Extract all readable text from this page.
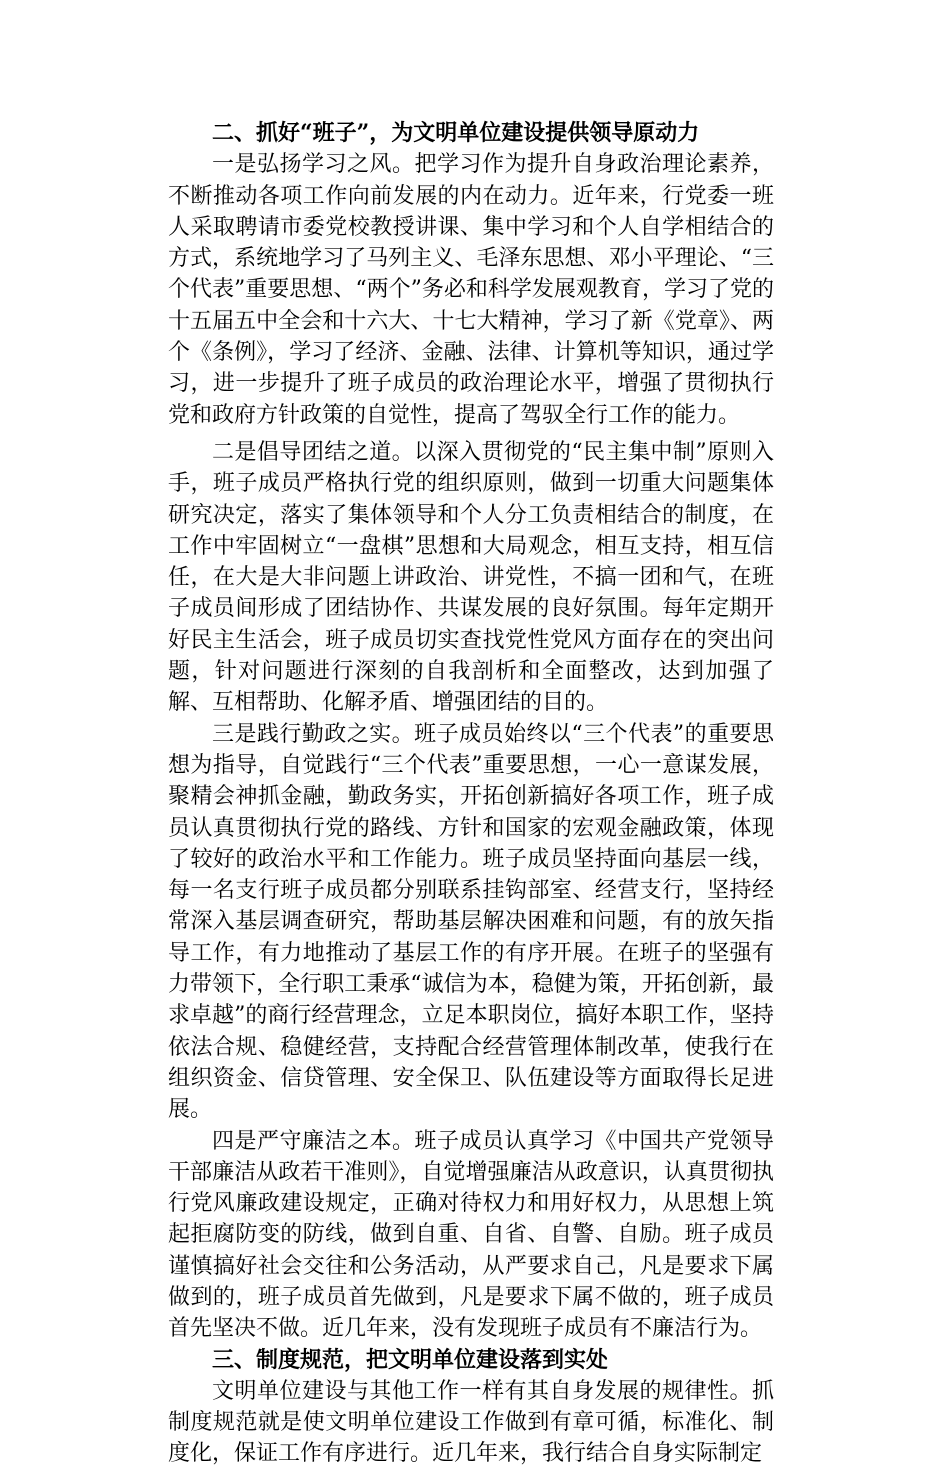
二、抓好“班子”，为文明单位建设提供领导原动力

一是弘扬学习之风。把学习作为提升自身政治理论素养，不断推动各项工作向前发展的内在动力。近年来，行党委一班人采取聘请市委党校教授讲课、集中学习和个人自学相结合的方式，系统地学习了马列主义、毛泽东思想、邓小平理论、“三个代表”重要思想、“两个”务必和科学发展观教育，学习了党的十五届五中全会和十六大、十七大精神，学习了新《党章》、两个《条例》，学习了经济、金融、法律、计算机等知识，通过学习，进一步提升了班子成员的政治理论水平，增强了贯彻执行党和政府方针政策的自觉性，提高了驾驭全行工作的能力。

二是倡导团结之道。以深入贯彻党的“民主集中制”原则入手，班子成员严格执行党的组织原则，做到一切重大问题集体研究决定，落实了集体领导和个人分工负责相结合的制度，在工作中牢固树立“一盘棋”思想和大局观念，相互支持，相互信任，在大是大非问题上讲政治、讲党性，不搞一团和气，在班子成员间形成了团结协作、共谋发展的良好氛围。每年定期开好民主生活会，班子成员切实查找党性党风方面存在的突出问题，针对问题进行深刻的自我剖析和全面整改，达到加强了解、互相帮助、化解矛盾、增强团结的目的。

三是践行勤政之实。班子成员始终以“三个代表”的重要思想为指导，自觉践行“三个代表”重要思想，一心一意谋发展，聚精会神抓金融，勤政务实，开拓创新搞好各项工作，班子成员认真贯彻执行党的路线、方针和国家的宏观金融政策，体现了较好的政治水平和工作能力。班子成员坚持面向基层一线，每一名支行班子成员都分别联系挂钩部室、经营支行，坚持经常深入基层调查研究，帮助基层解决困难和问题，有的放矢指导工作，有力地推动了基层工作的有序开展。在班子的坚强有力带领下，全行职工秉承“诚信为本，稳健为策，开拓创新，最求卓越”的商行经营理念，立足本职岗位，搞好本职工作，坚持依法合规、稳健经营，支持配合经营管理体制改革，使我行在组织资金、信贷管理、安全保卫、队伍建设等方面取得长足进展。

四是严守廉洁之本。班子成员认真学习《中国共产党领导干部廉洁从政若干准则》，自觉增强廉洁从政意识，认真贯彻执行党风廉政建设规定，正确对待权力和用好权力，从思想上筑起拒腐防变的防线，做到自重、自省、自警、自励。班子成员谨慎搞好社会交往和公务活动，从严要求自己，凡是要求下属做到的，班子成员首先做到，凡是要求下属不做的，班子成员首先坚决不做。近几年来，没有发现班子成员有不廉洁行为。

三、制度规范，把文明单位建设落到实处

文明单位建设与其他工作一样有其自身发展的规律性。抓制度规范就是使文明单位建设工作做到有章可循，标准化、制度化，保证工作有序进行。近几年来，我行结合自身实际制定
